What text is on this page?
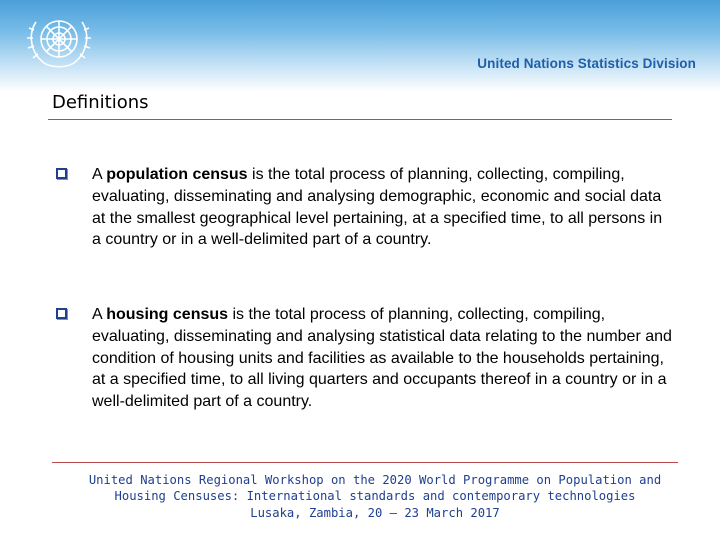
United Nations Statistics Division
Definitions
A population census is the total process of planning, collecting, compiling, evaluating, disseminating and analysing demographic, economic and social data at the smallest geographical level pertaining, at a specified time, to all persons in a country or in a well-delimited part of a country.
A housing census is the total process of planning, collecting, compiling, evaluating, disseminating and analysing statistical data relating to the number and condition of housing units and facilities as available to the households pertaining, at a specified time, to all living quarters and occupants thereof in a country or in a well-delimited part of a country.
United Nations Regional Workshop on the 2020 World Programme on Population and
Housing Censuses: International standards and contemporary technologies
Lusaka, Zambia, 20 – 23 March 2017
